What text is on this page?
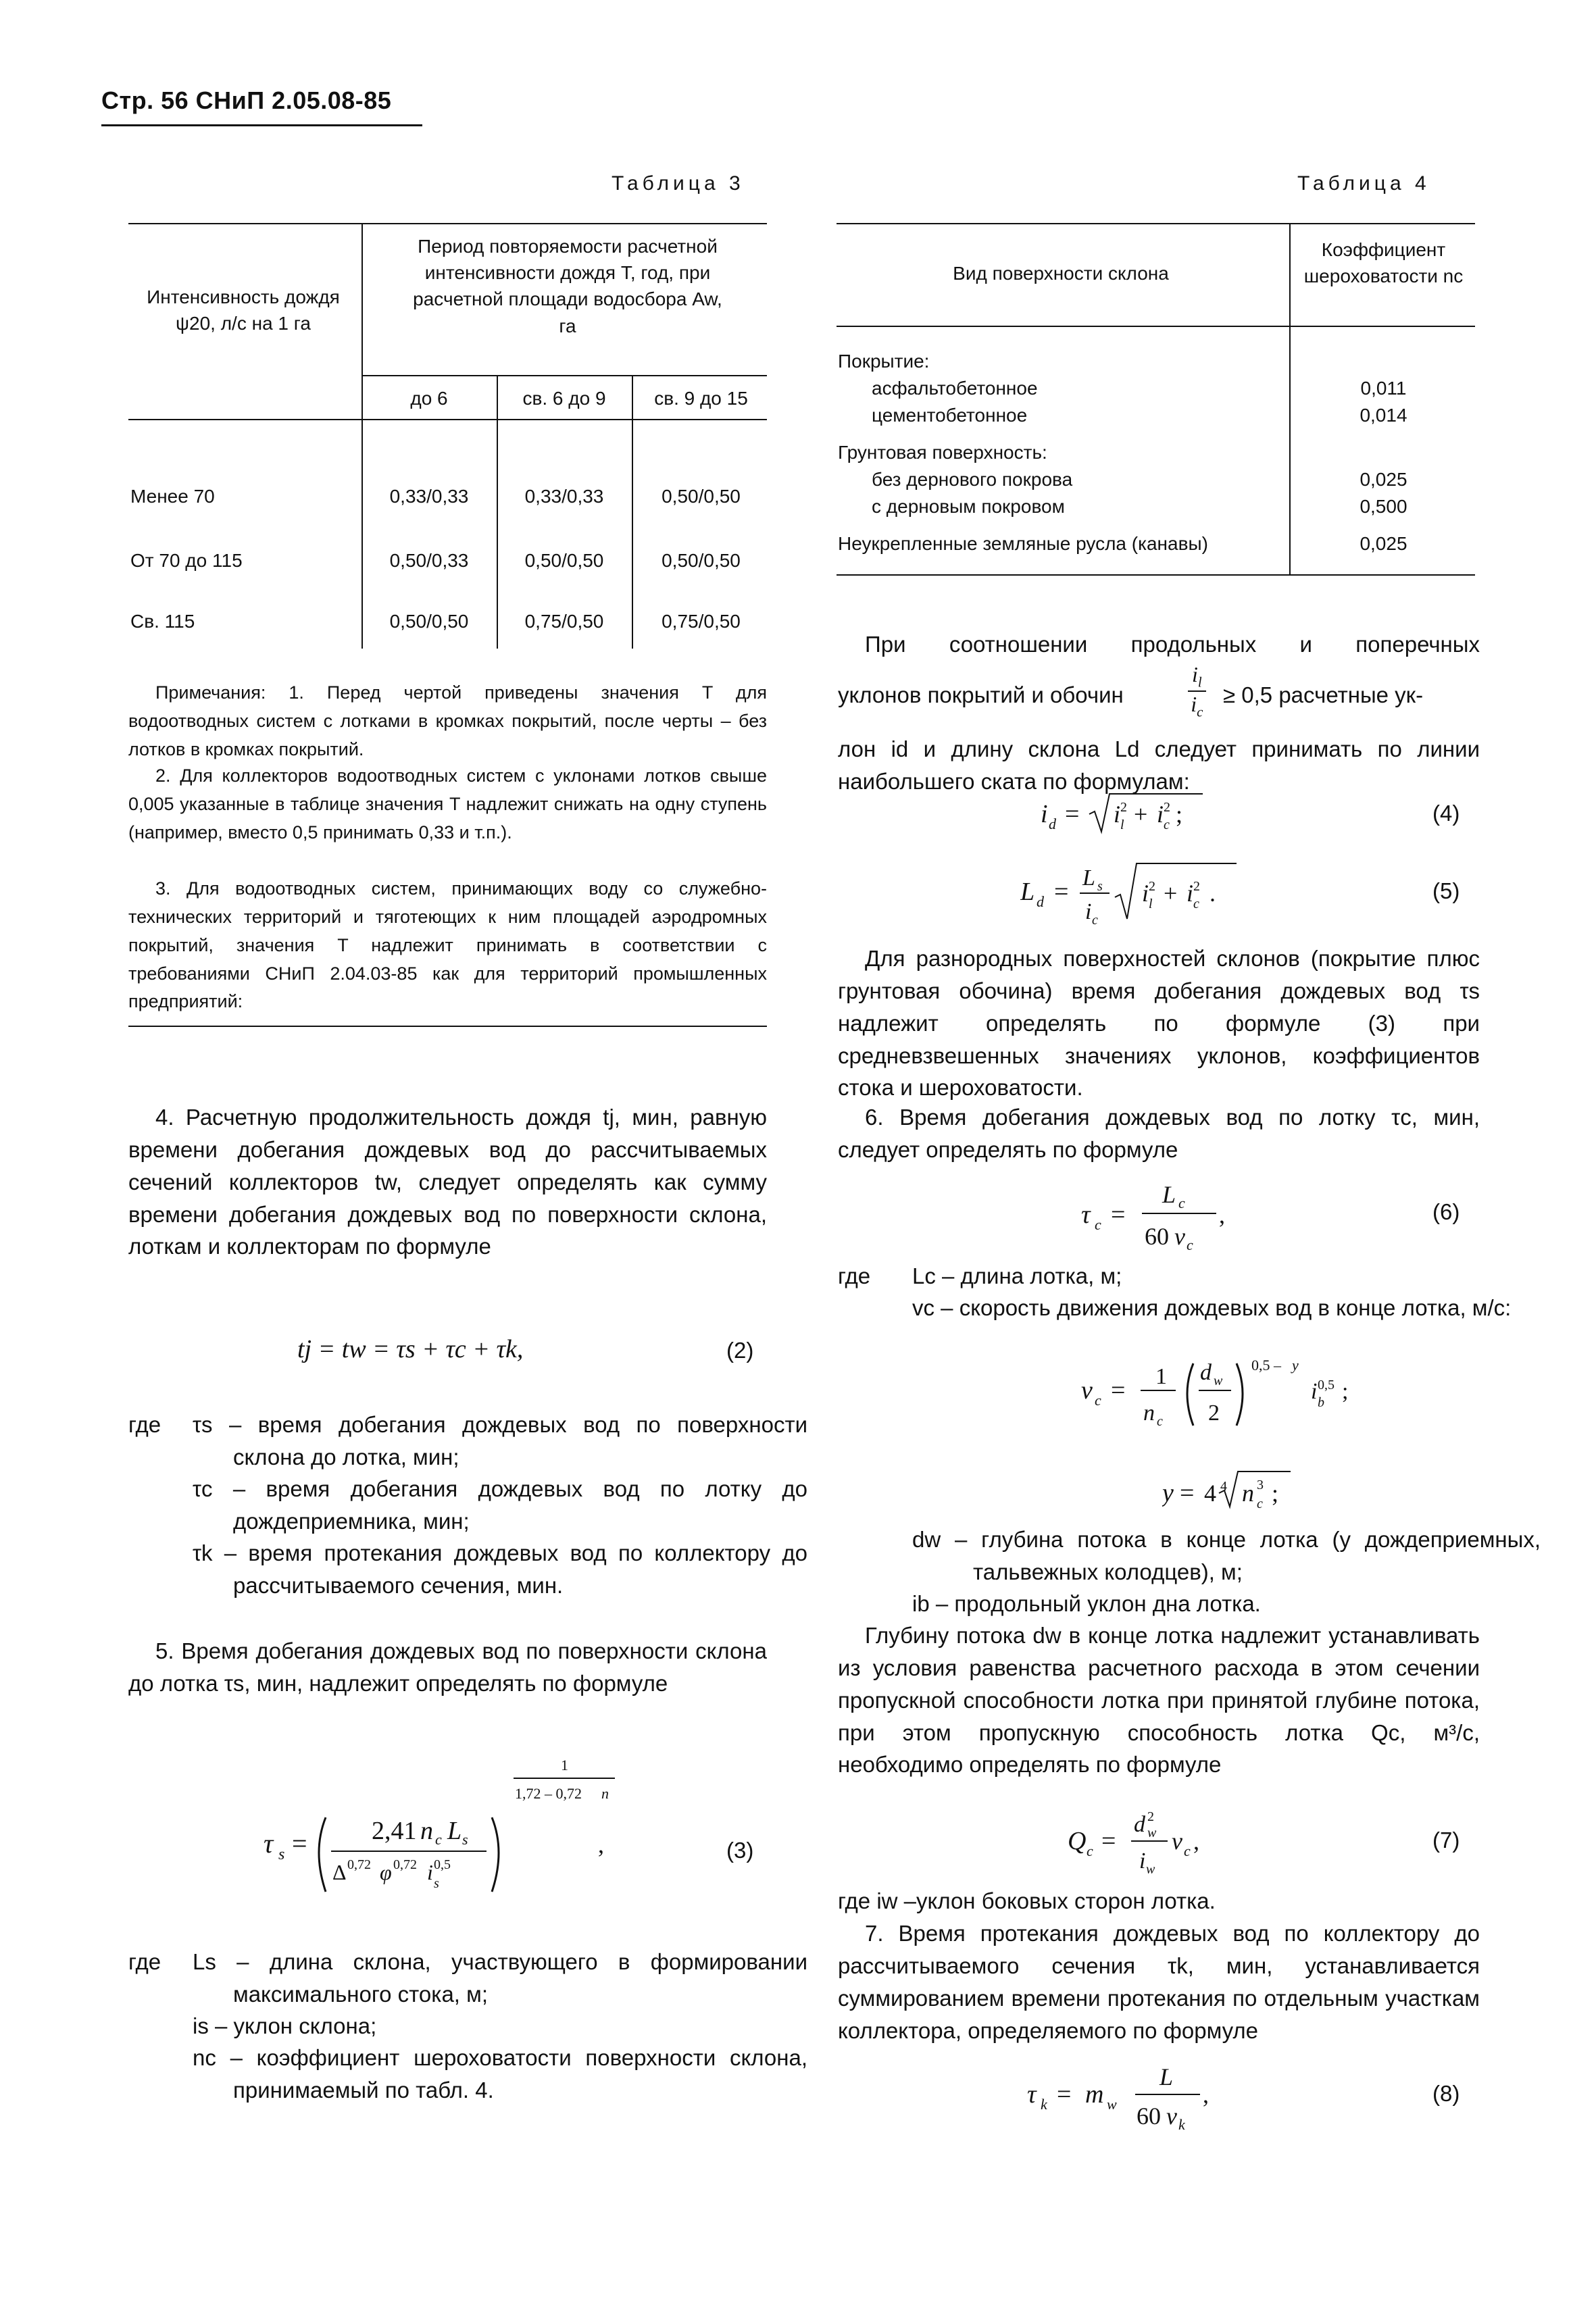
Стр. 56 СНиП 2.05.08-85
Таблица 3
Интенсивность дождя ψ20, л/с на 1 га
Период повторяемости расчетной интенсивности дождя T, год, при расчетной площади водосбора Aw, га
до 6	св. 6 до 9	св. 9 до 15
Менее 70	0,33/0,33	0,33/0,33	0,50/0,50
От 70 до 115	0,50/0,33	0,50/0,50	0,50/0,50
Св. 115	0,50/0,50	0,75/0,50	0,75/0,50
Примечания: 1. Перед чертой приведены значения T для водоотводных систем с лотками в кромках покрытий, после черты – без лотков в кромках покрытий.
2. Для коллекторов водоотводных систем с уклонами лотков свыше 0,005 указанные в таблице значения T надлежит снижать на одну ступень (например, вместо 0,5 принимать 0,33 и т.п.).
3. Для водоотводных систем, принимающих воду со служебно-технических территорий и тяготеющих к ним площадей аэродромных покрытий, значения T надлежит принимать в соответствии с требованиями СНиП 2.04.03-85 как для территорий промышленных предприятий:
Таблица 4
Вид поверхности склона
Коэффициент шероховатости nc
Покрытие:
асфальтобетонное	0,011
цементобетонное	0,014
Грунтовая поверхность:
без дернового покрова	0,025
с дерновым покровом	0,500
Неукрепленные земляные русла (канавы)	0,025
4. Расчетную продолжительность дождя tj, мин, равную времени добегания дождевых вод до рассчитываемых сечений коллекторов tw, следует определять как сумму времени добегания дождевых вод по поверхности склона, лоткам и коллекторам по формуле
tj = tw = τs + τc + τk,	(2)
где τs – время добегания дождевых вод по поверхности склона до лотка, мин;
τc – время добегания дождевых вод по лотку до дождеприемника, мин;
τk – время протекания дождевых вод по коллектору до рассчитываемого сечения, мин.
5. Время добегания дождевых вод по поверхности склона до лотка τs, мин, надлежит определять по формуле
τ s =	2,41 n c L s
Δ 0,72 φ 0,72 i 0,5
s
1
1,72 – 0,72 n
,	(3)
где Ls – длина склона, участвующего в формировании максимального стока, м;
is – уклон склона;
nc – коэффициент шероховатости поверхности склона, принимаемый по табл. 4.
При соотношении продольных и поперечных
уклонов покрытий и обочин	$\frac{i_l}{i_c} \ge 0,5$ расчетные ук-
лон id и длину склона Ld следует принимать по линии наибольшего ската по формулам:
i d = i 2
l + i 2
c ;	(4)
L d = L s
i c
i 2
l + i 2
c .	(5)
Для разнородных поверхностей склонов (покрытие плюс грунтовая обочина) время добегания дождевых вод τs надлежит определять по формуле (3) при средневзвешенных значениях уклонов, коэффициентов стока и шероховатости.
6. Время добегания дождевых вод по лотку τc, мин, следует определять по формуле
τ c =
L c
60 v c
,	(6)
где Lc – длина лотка, м;
vc – скорость движения дождевых вод в конце лотка, м/с:
v c = 1
n c
d w
2
0,5 – y
i 0,5
b ;
y = 4 4 n 3
c ;
dw – глубина потока в конце лотка (у дождеприемных, тальвежных колодцев), м;
ib – продольный уклон дна лотка.
Глубину потока dw в конце лотка надлежит устанавливать из условия равенства расчетного расхода в этом сечении пропускной способности лотка при принятой глубине потока, при этом пропускную способность лотка Qc, м³/с, необходимо определять по формуле
Q c =
d 2
w
i w
v c ,	(7)
где iw –уклон боковых сторон лотка.
7. Время протекания дождевых вод по коллектору до рассчитываемого сечения τk, мин, устанавливается суммированием времени протекания по отдельным участкам коллектора, определяемого по формуле
τ k = m w
L
60 v k
,	(8)
